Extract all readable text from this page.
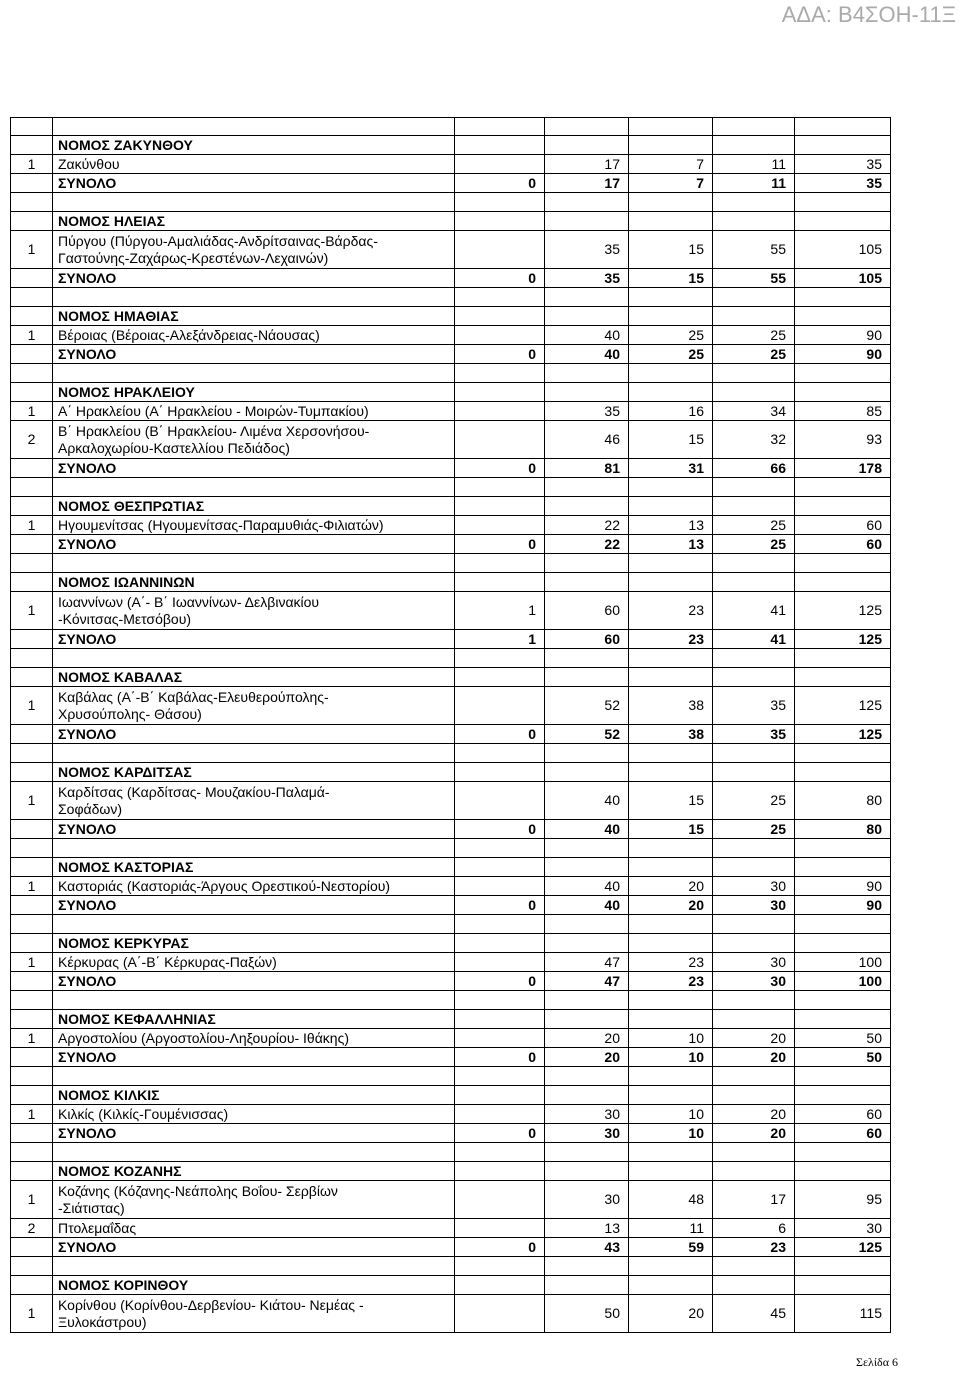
ΑΔΑ: Β4ΣΟΗ-11Ξ

	ΝΟΜΟΣ ΖΑΚΥΝΘΟΥ					
1	Ζακύνθου		17	7	11	35
	ΣΥΝΟΛΟ	0	17	7	11	35

	ΝΟΜΟΣ ΗΛΕΙΑΣ					
1	Πύργου (Πύργου-Αμαλιάδας-Ανδρίτσαινας-Βάρδας-
Γαστούνης-Ζαχάρως-Κρεστένων-Λεχαινών)		35	15	55	105
	ΣΥΝΟΛΟ	0	35	15	55	105

	ΝΟΜΟΣ ΗΜΑΘΙΑΣ					
1	Βέροιας (Βέροιας-Αλεξάνδρειας-Νάουσας)		40	25	25	90
	ΣΥΝΟΛΟ	0	40	25	25	90

	ΝΟΜΟΣ ΗΡΑΚΛΕΙΟΥ					
1	Α΄ Ηρακλείου (Α΄ Ηρακλείου - Μοιρών-Τυμπακίου)		35	16	34	85
2	Β΄ Ηρακλείου (Β΄ Ηρακλείου- Λιμένα Χερσονήσου-
Αρκαλοχωρίου-Καστελλίου Πεδιάδος)		46	15	32	93
	ΣΥΝΟΛΟ	0	81	31	66	178

	ΝΟΜΟΣ ΘΕΣΠΡΩΤΙΑΣ					
1	Ηγουμενίτσας (Ηγουμενίτσας-Παραμυθιάς-Φιλιατών)		22	13	25	60
	ΣΥΝΟΛΟ	0	22	13	25	60

	ΝΟΜΟΣ ΙΩΑΝΝΙΝΩΝ					
1	Ιωαννίνων (Α΄- Β΄ Ιωαννίνων- Δελβινακίου
-Κόνιτσας-Μετσόβου)	1	60	23	41	125
	ΣΥΝΟΛΟ	1	60	23	41	125

	ΝΟΜΟΣ ΚΑΒΑΛΑΣ					
1	Καβάλας (Α΄-Β΄ Καβάλας-Ελευθερούπολης-
Χρυσούπολης- Θάσου)		52	38	35	125
	ΣΥΝΟΛΟ	0	52	38	35	125

	ΝΟΜΟΣ ΚΑΡΔΙΤΣΑΣ					
1	Καρδίτσας (Καρδίτσας- Μουζακίου-Παλαμά-
Σοφάδων)		40	15	25	80
	ΣΥΝΟΛΟ	0	40	15	25	80

	ΝΟΜΟΣ ΚΑΣΤΟΡΙΑΣ					
1	Καστοριάς (Καστοριάς-Άργους Ορεστικού-Νεστορίου)		40	20	30	90
	ΣΥΝΟΛΟ	0	40	20	30	90

	ΝΟΜΟΣ ΚΕΡΚΥΡΑΣ					
1	Κέρκυρας (Α΄-Β΄ Κέρκυρας-Παξών)		47	23	30	100
	ΣΥΝΟΛΟ	0	47	23	30	100

	ΝΟΜΟΣ ΚΕΦΑΛΛΗΝΙΑΣ					
1	Αργοστολίου (Αργοστολίου-Ληξουρίου- Ιθάκης)		20	10	20	50
	ΣΥΝΟΛΟ	0	20	10	20	50

	ΝΟΜΟΣ ΚΙΛΚΙΣ					
1	Κιλκίς (Κιλκίς-Γουμένισσας)		30	10	20	60
	ΣΥΝΟΛΟ	0	30	10	20	60

	ΝΟΜΟΣ ΚΟΖΑΝΗΣ					
1	Κοζάνης (Κόζανης-Νεάπολης Βοΐου- Σερβίων
-Σιάτιστας)		30	48	17	95
2	Πτολεμαΐδας		13	11	6	30
	ΣΥΝΟΛΟ	0	43	59	23	125

	ΝΟΜΟΣ ΚΟΡΙΝΘΟΥ					
1	Κορίνθου (Κορίνθου-Δερβενίου- Κιάτου- Νεμέας -
Ξυλοκάστρου)		50	20	45	115
Σελίδα 6
